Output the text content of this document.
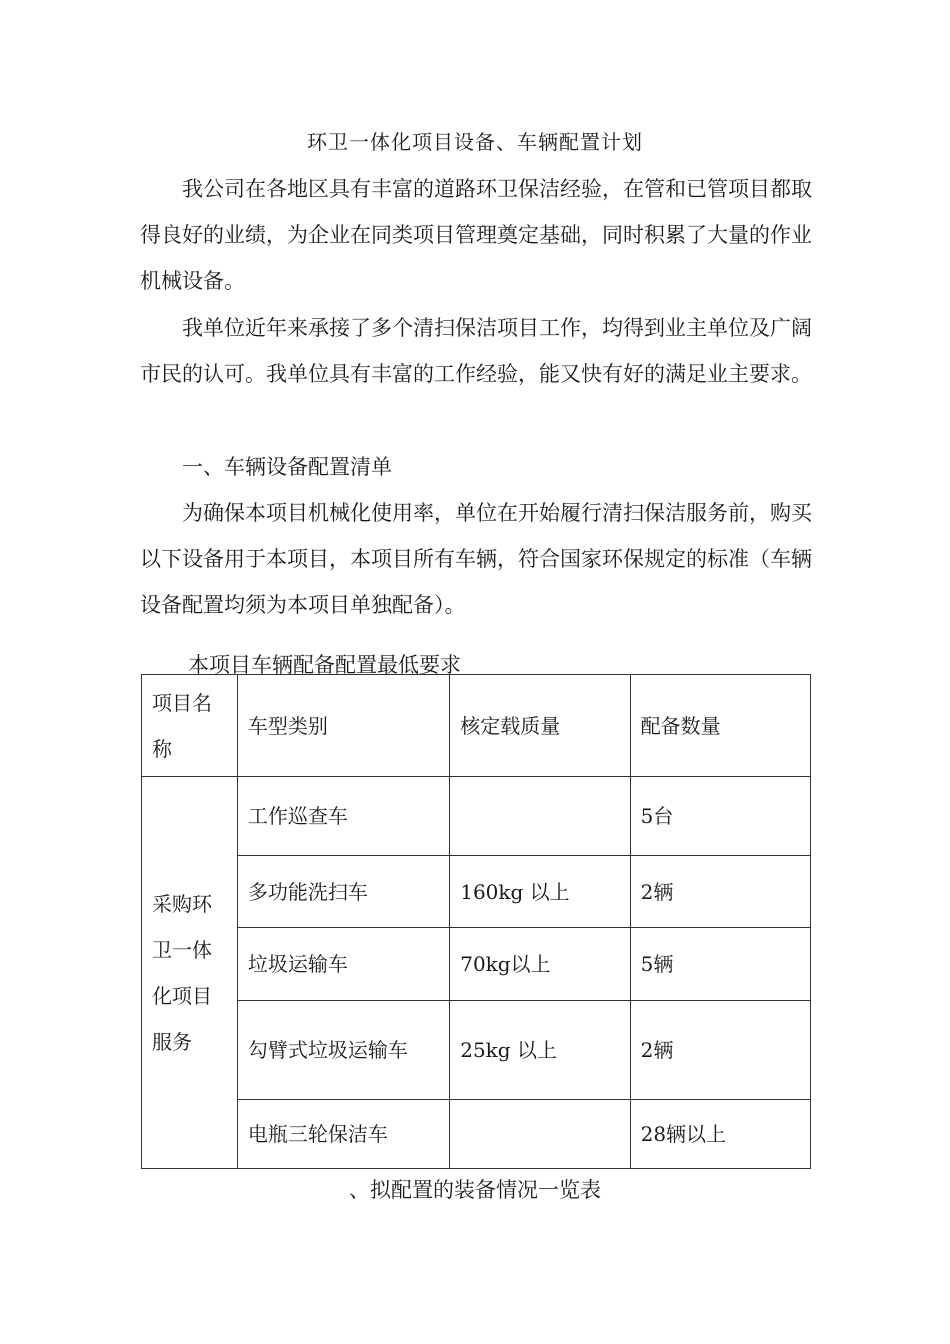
环卫一体化项目设备、车辆配置计划

我公司在各地区具有丰富的道路环卫保洁经验，在管和已管项目都取得良好的业绩，为企业在同类项目管理奠定基础，同时积累了大量的作业机械设备。

我单位近年来承接了多个清扫保洁项目工作，均得到业主单位及广阔市民的认可。我单位具有丰富的工作经验，能又快有好的满足业主要求。

一、车辆设备配置清单

为确保本项目机械化使用率，单位在开始履行清扫保洁服务前，购买以下设备用于本项目，本项目所有车辆，符合国家环保规定的标准（车辆设备配置均须为本项目单独配备）。

本项目车辆配备配置最低要求
项目名称	车型类别	核定载质量	配备数量
采购环卫一体化项目服务	工作巡查车		5台
	多功能洗扫车	160kg 以上	2辆
	垃圾运输车	70kg以上	5辆
	勾臂式垃圾运输车	25kg 以上	2辆
	电瓶三轮保洁车		28辆以上
、拟配置的装备情况一览表
